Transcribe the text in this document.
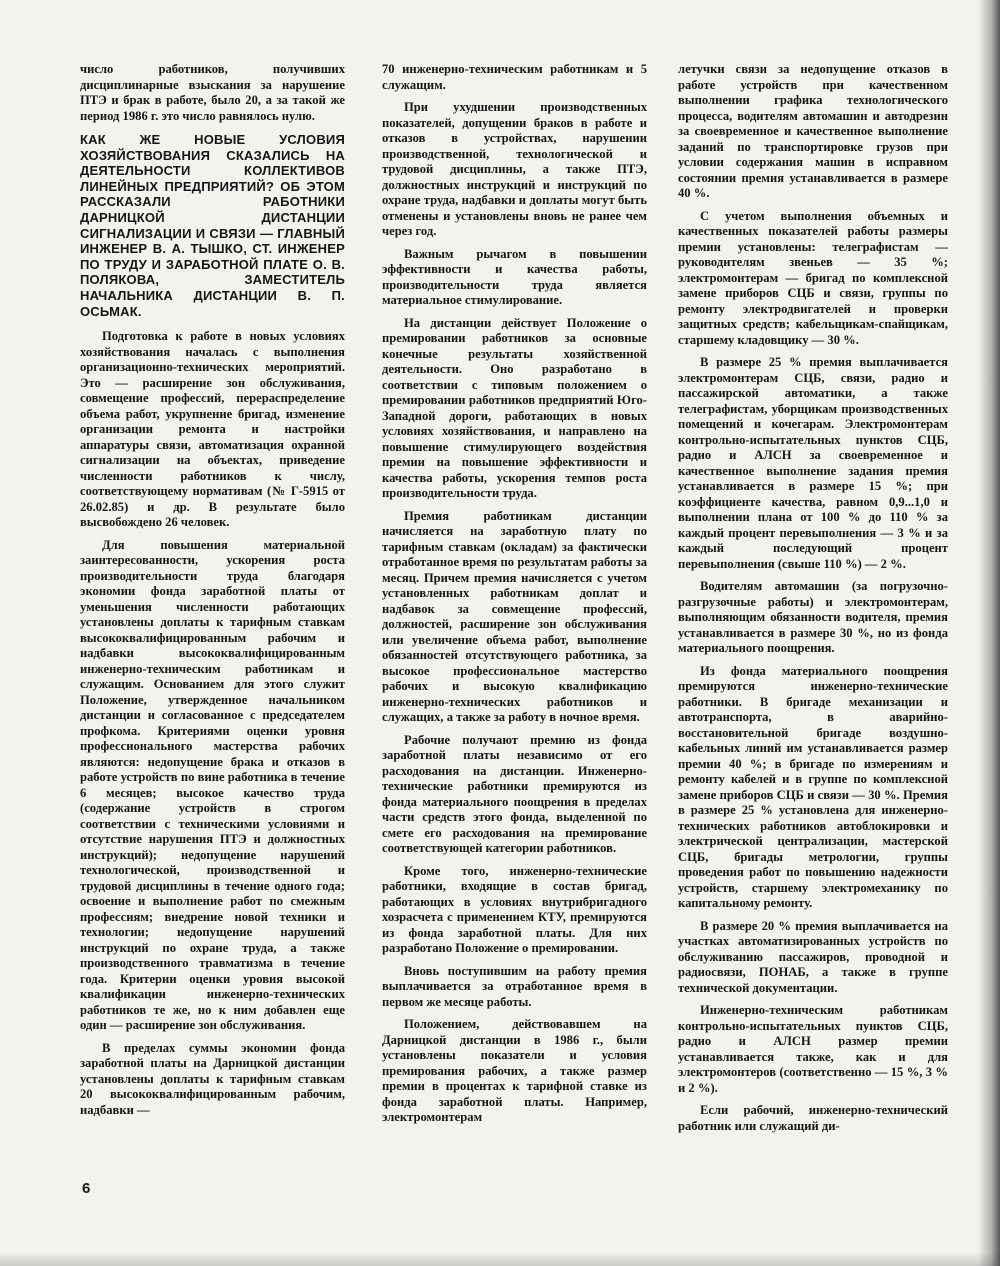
число работников, получивших дисциплинарные взыскания за нарушение ПТЭ и брак в работе, было 20, а за такой же период 1986 г. это число равнялось нулю.

КАК ЖЕ НОВЫЕ УСЛОВИЯ ХОЗЯЙСТВОВАНИЯ СКАЗАЛИСЬ НА ДЕЯТЕЛЬНОСТИ КОЛЛЕКТИВОВ ЛИНЕЙНЫХ ПРЕДПРИЯТИЙ? ОБ ЭТОМ РАССКАЗАЛИ РАБОТНИКИ ДАРНИЦКОЙ ДИСТАНЦИИ СИГНАЛИЗАЦИИ И СВЯЗИ — ГЛАВНЫЙ ИНЖЕНЕР В. А. ТЫШКО, СТ. ИНЖЕНЕР ПО ТРУДУ И ЗАРАБОТНОЙ ПЛАТЕ О. В. ПОЛЯКОВА, ЗАМЕСТИТЕЛЬ НАЧАЛЬНИКА ДИСТАНЦИИ В. П. ОСЬМАК.

Подготовка к работе в новых условиях хозяйствования началась с выполнения организационно-технических мероприятий. Это — расширение зон обслуживания, совмещение профессий, перераспределение объема работ, укрупнение бригад, изменение организации ремонта и настройки аппаратуры связи, автоматизация охранной сигнализации на объектах, приведение численности работников к числу, соответствующему нормативам (№ Г-5915 от 26.02.85) и др. В результате было высвобождено 26 человек.

Для повышения материальной заинтересованности, ускорения роста производительности труда благодаря экономии фонда заработной платы от уменьшения численности работающих установлены доплаты к тарифным ставкам высококвалифицированным рабочим и надбавки высококвалифицированным инженерно-техническим работникам и служащим. Основанием для этого служит Положение, утвержденное начальником дистанции и согласованное с председателем профкома. Критериями оценки уровня профессионального мастерства рабочих являются: недопущение брака и отказов в работе устройств по вине работника в течение 6 месяцев; высокое качество труда (содержание устройств в строгом соответствии с техническими условиями и отсутствие нарушения ПТЭ и должностных инструкций); недопущение нарушений технологической, производственной и трудовой дисциплины в течение одного года; освоение и выполнение работ по смежным профессиям; внедрение новой техники и технологии; недопущение нарушений инструкций по охране труда, а также производственного травматизма в течение года. Критерии оценки уровня высокой квалификации инженерно-технических работников те же, но к ним добавлен еще один — расширение зон обслуживания.

В пределах суммы экономии фонда заработной платы на Дарницкой дистанции установлены доплаты к тарифным ставкам 20 высококвалифицированным рабочим, надбавки —

70 инженерно-техническим работникам и 5 служащим.

При ухудшении производственных показателей, допущении браков в работе и отказов в устройствах, нарушении производственной, технологической и трудовой дисциплины, а также ПТЭ, должностных инструкций и инструкций по охране труда, надбавки и доплаты могут быть отменены и установлены вновь не ранее чем через год.

Важным рычагом в повышении эффективности и качества работы, производительности труда является материальное стимулирование.

На дистанции действует Положение о премировании работников за основные конечные результаты хозяйственной деятельности. Оно разработано в соответствии с типовым положением о премировании работников предприятий Юго-Западной дороги, работающих в новых условиях хозяйствования, и направлено на повышение стимулирующего воздействия премии на повышение эффективности и качества работы, ускорения темпов роста производительности труда.

Премия работникам дистанции начисляется на заработную плату по тарифным ставкам (окладам) за фактически отработанное время по результатам работы за месяц. Причем премия начисляется с учетом установленных работникам доплат и надбавок за совмещение профессий, должностей, расширение зон обслуживания или увеличение объема работ, выполнение обязанностей отсутствующего работника, за высокое профессиональное мастерство рабочих и высокую квалификацию инженерно-технических работников и служащих, а также за работу в ночное время.

Рабочие получают премию из фонда заработной платы независимо от его расходования на дистанции. Инженерно-технические работники премируются из фонда материального поощрения в пределах части средств этого фонда, выделенной по смете его расходования на премирование соответствующей категории работников.

Кроме того, инженерно-технические работники, входящие в состав бригад, работающих в условиях внутрибригадного хозрасчета с применением КТУ, премируются из фонда заработной платы. Для них разработано Положение о премировании.

Вновь поступившим на работу премия выплачивается за отработанное время в первом же месяце работы.

Положением, действовавшем на Дарницкой дистанции в 1986 г., были установлены показатели и условия премирования рабочих, а также размер премии в процентах к тарифной ставке из фонда заработной платы. Например, электромонтерам

летучки связи за недопущение отказов в работе устройств при качественном выполнении графика технологического процесса, водителям автомашин и автодрезин за своевременное и качественное выполнение заданий по транспортировке грузов при условии содержания машин в исправном состоянии премия устанавливается в размере 40 %.

С учетом выполнения объемных и качественных показателей работы размеры премии установлены: телеграфистам — руководителям звеньев — 35 %; электромонтерам — бригад по комплексной замене приборов СЦБ и связи, группы по ремонту электродвигателей и проверки защитных средств; кабельщикам-спайщикам, старшему кладовщику — 30 %.

В размере 25 % премия выплачивается электромонтерам СЦБ, связи, радио и пассажирской автоматики, а также телеграфистам, уборщикам производственных помещений и кочегарам. Электромонтерам контрольно-испытательных пунктов СЦБ, радио и АЛСН за своевременное и качественное выполнение задания премия устанавливается в размере 15 %; при коэффициенте качества, равном 0,9...1,0 и выполнении плана от 100 % до 110 % за каждый процент перевыполнения — 3 % и за каждый последующий процент перевыполнения (свыше 110 %) — 2 %.

Водителям автомашин (за погрузочно-разгрузочные работы) и электромонтерам, выполняющим обязанности водителя, премия устанавливается в размере 30 %, но из фонда материального поощрения.

Из фонда материального поощрения премируются инженерно-технические работники. В бригаде механизации и автотранспорта, в аварийно-восстановительной бригаде воздушно-кабельных линий им устанавливается размер премии 40 %; в бригаде по измерениям и ремонту кабелей и в группе по комплексной замене приборов СЦБ и связи — 30 %. Премия в размере 25 % установлена для инженерно-технических работников автоблокировки и электрической централизации, мастерской СЦБ, бригады метрологии, группы проведения работ по повышению надежности устройств, старшему электромеханику по капитальному ремонту.

В размере 20 % премия выплачивается на участках автоматизированных устройств по обслуживанию пассажиров, проводной и радиосвязи, ПОНАБ, а также в группе технической документации.

Инженерно-техническим работникам контрольно-испытательных пунктов СЦБ, радио и АЛСН размер премии устанавливается также, как и для электромонтеров (соответственно — 15 %, 3 % и 2 %).

Если рабочий, инженерно-технический работник или служащий ди-

6
